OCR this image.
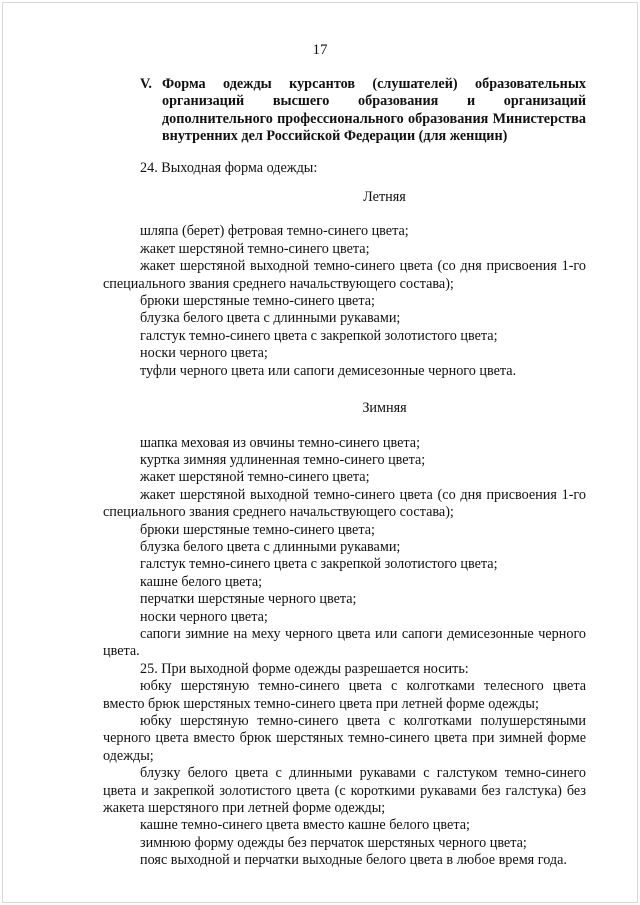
17
V. Форма одежды курсантов (слушателей) образовательных организаций высшего образования и организаций дополнительного профессионального образования Министерства внутренних дел Российской Федерации (для женщин)

24. Выходная форма одежды:

Летняя

шляпа (берет) фетровая темно-синего цвета;

жакет шерстяной темно-синего цвета;

жакет шерстяной выходной темно-синего цвета (со дня присвоения 1-го специального звания среднего начальствующего состава);

брюки шерстяные темно-синего цвета;

блузка белого цвета с длинными рукавами;

галстук темно-синего цвета с закрепкой золотистого цвета;

носки черного цвета;

туфли черного цвета или сапоги демисезонные черного цвета.

Зимняя

шапка меховая из овчины темно-синего цвета;

куртка зимняя удлиненная темно-синего цвета;

жакет шерстяной темно-синего цвета;

жакет шерстяной выходной темно-синего цвета (со дня присвоения 1-го специального звания среднего начальствующего состава);

брюки шерстяные темно-синего цвета;

блузка белого цвета с длинными рукавами;

галстук темно-синего цвета с закрепкой золотистого цвета;

кашне белого цвета;

перчатки шерстяные черного цвета;

носки черного цвета;

сапоги зимние на меху черного цвета или сапоги демисезонные черного цвета.

25. При выходной форме одежды разрешается носить:

юбку шерстяную темно-синего цвета с колготками телесного цвета вместо брюк шерстяных темно-синего цвета при летней форме одежды;

юбку шерстяную темно-синего цвета с колготками полушерстяными черного цвета вместо брюк шерстяных темно-синего цвета при зимней форме одежды;

блузку белого цвета с длинными рукавами с галстуком темно-синего цвета и закрепкой золотистого цвета (с короткими рукавами без галстука) без жакета шерстяного при летней форме одежды;

кашне темно-синего цвета вместо кашне белого цвета;

зимнюю форму одежды без перчаток шерстяных черного цвета;

пояс выходной и перчатки выходные белого цвета в любое время года.
